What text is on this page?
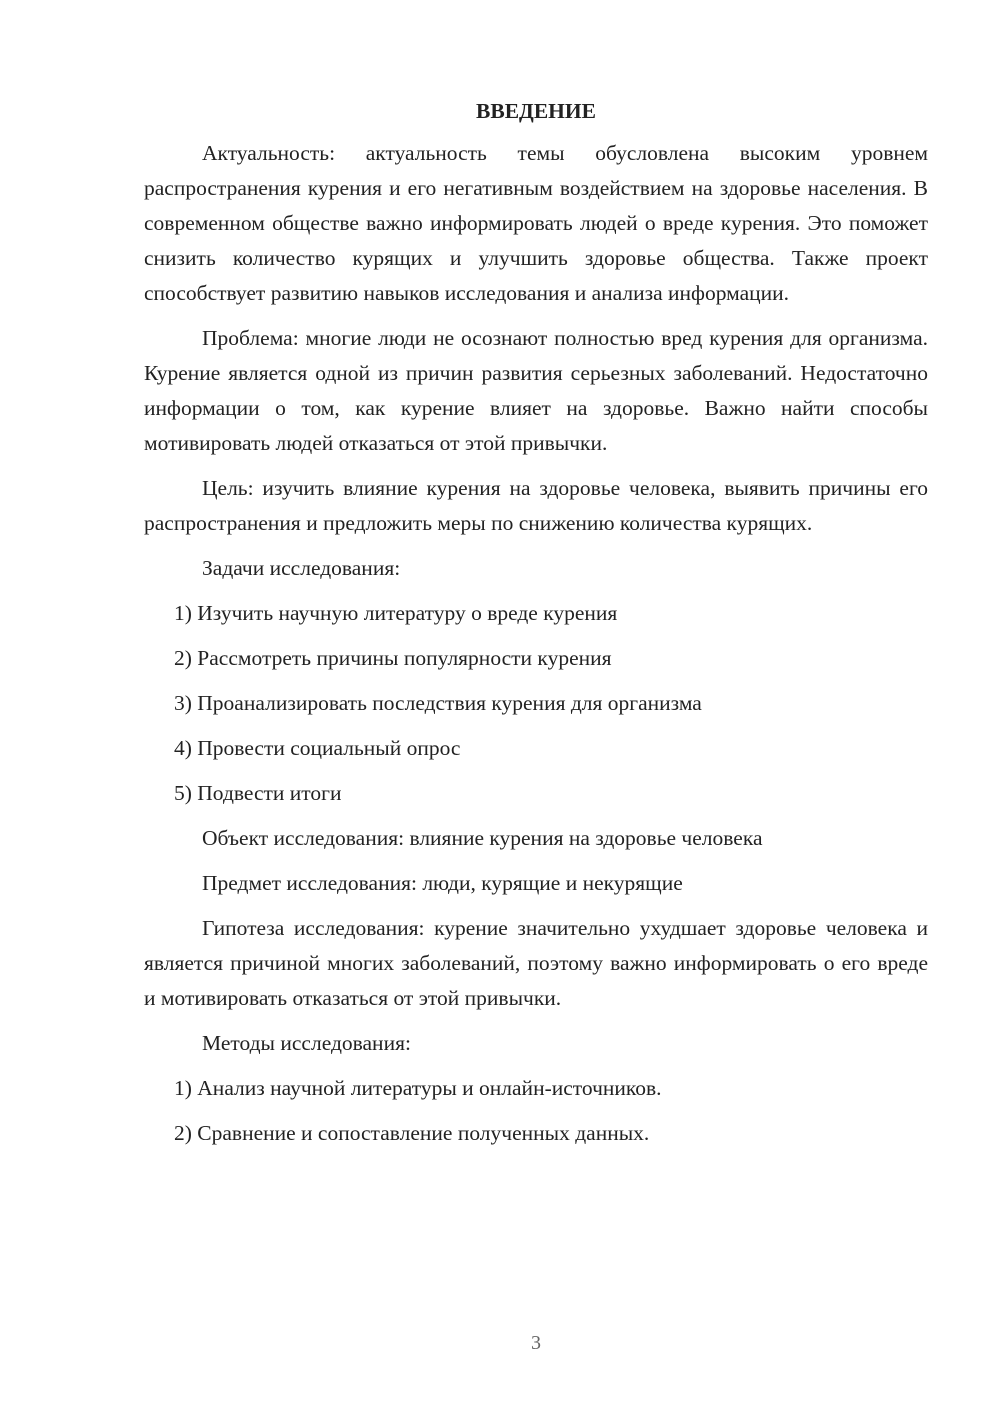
ВВЕДЕНИЕ
Актуальность: актуальность темы обусловлена высоким уровнем распространения курения и его негативным воздействием на здоровье населения. В современном обществе важно информировать людей о вреде курения. Это поможет снизить количество курящих и улучшить здоровье общества. Также проект способствует развитию навыков исследования и анализа информации.
Проблема: многие люди не осознают полностью вред курения для организма. Курение является одной из причин развития серьезных заболеваний. Недостаточно информации о том, как курение влияет на здоровье. Важно найти способы мотивировать людей отказаться от этой привычки.
Цель: изучить влияние курения на здоровье человека, выявить причины его распространения и предложить меры по снижению количества курящих.
Задачи исследования:
1) Изучить научную литературу о вреде курения
2) Рассмотреть причины популярности курения
3) Проанализировать последствия курения для организма
4) Провести социальный опрос
5) Подвести итоги
Объект исследования: влияние курения на здоровье человека
Предмет исследования: люди, курящие и некурящие
Гипотеза исследования: курение значительно ухудшает здоровье человека и является причиной многих заболеваний, поэтому важно информировать о его вреде и мотивировать отказаться от этой привычки.
Методы исследования:
1) Анализ научной литературы и онлайн-источников.
2) Сравнение и сопоставление полученных данных.
3
